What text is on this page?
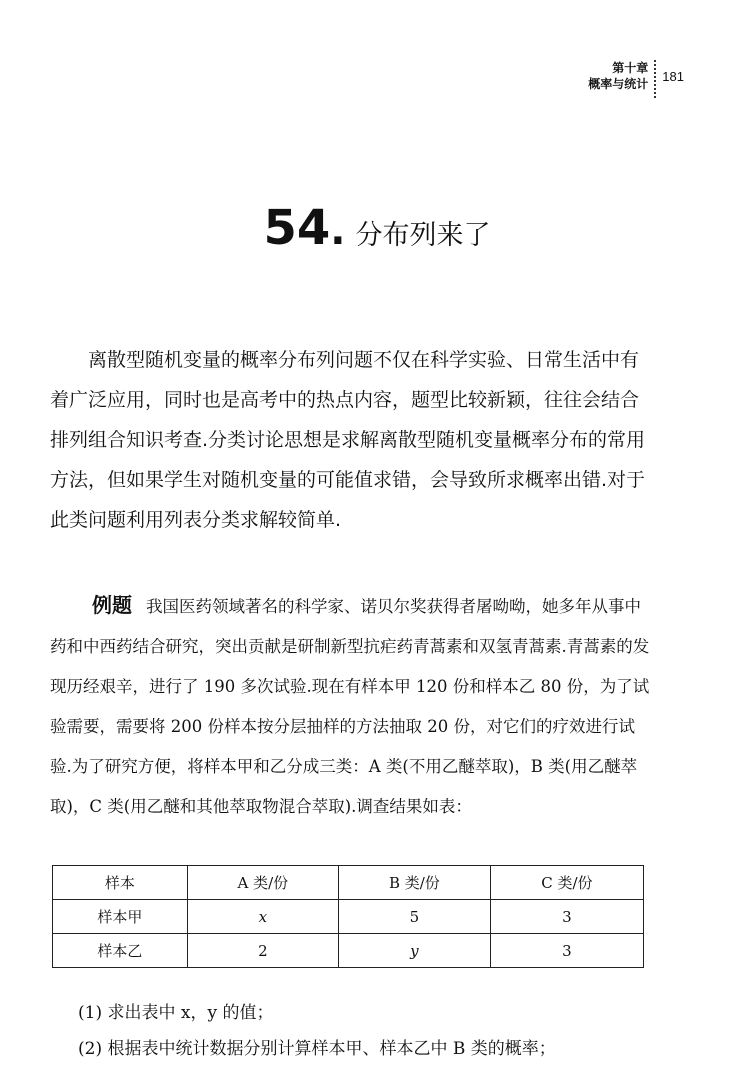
第十章
概率与统计 181
54. 分布列来了

离散型随机变量的概率分布列问题不仅在科学实验、日常生活中有着广泛应用，同时也是高考中的热点内容，题型比较新颖，往往会结合排列组合知识考查.分类讨论思想是求解离散型随机变量概率分布的常用方法，但如果学生对随机变量的可能值求错，会导致所求概率出错.对于此类问题利用列表分类求解较简单.

例题 我国医药领域著名的科学家、诺贝尔奖获得者屠呦呦，她多年从事中药和中西药结合研究，突出贡献是研制新型抗疟药青蒿素和双氢青蒿素.青蒿素的发现历经艰辛，进行了 190 多次试验.现在有样本甲 120 份和样本乙 80 份，为了试验需要，需要将 200 份样本按分层抽样的方法抽取 20 份，对它们的疗效进行试验.为了研究方便，将样本甲和乙分成三类：A 类(不用乙醚萃取)，B 类(用乙醚萃取)，C 类(用乙醚和其他萃取物混合萃取).调查结果如表：

样本	A 类/份	B 类/份	C 类/份
样本甲	x	5	3
样本乙	2	y	3

(1) 求出表中 x，y 的值；

(2) 根据表中统计数据分别计算样本甲、样本乙中 B 类的概率；
